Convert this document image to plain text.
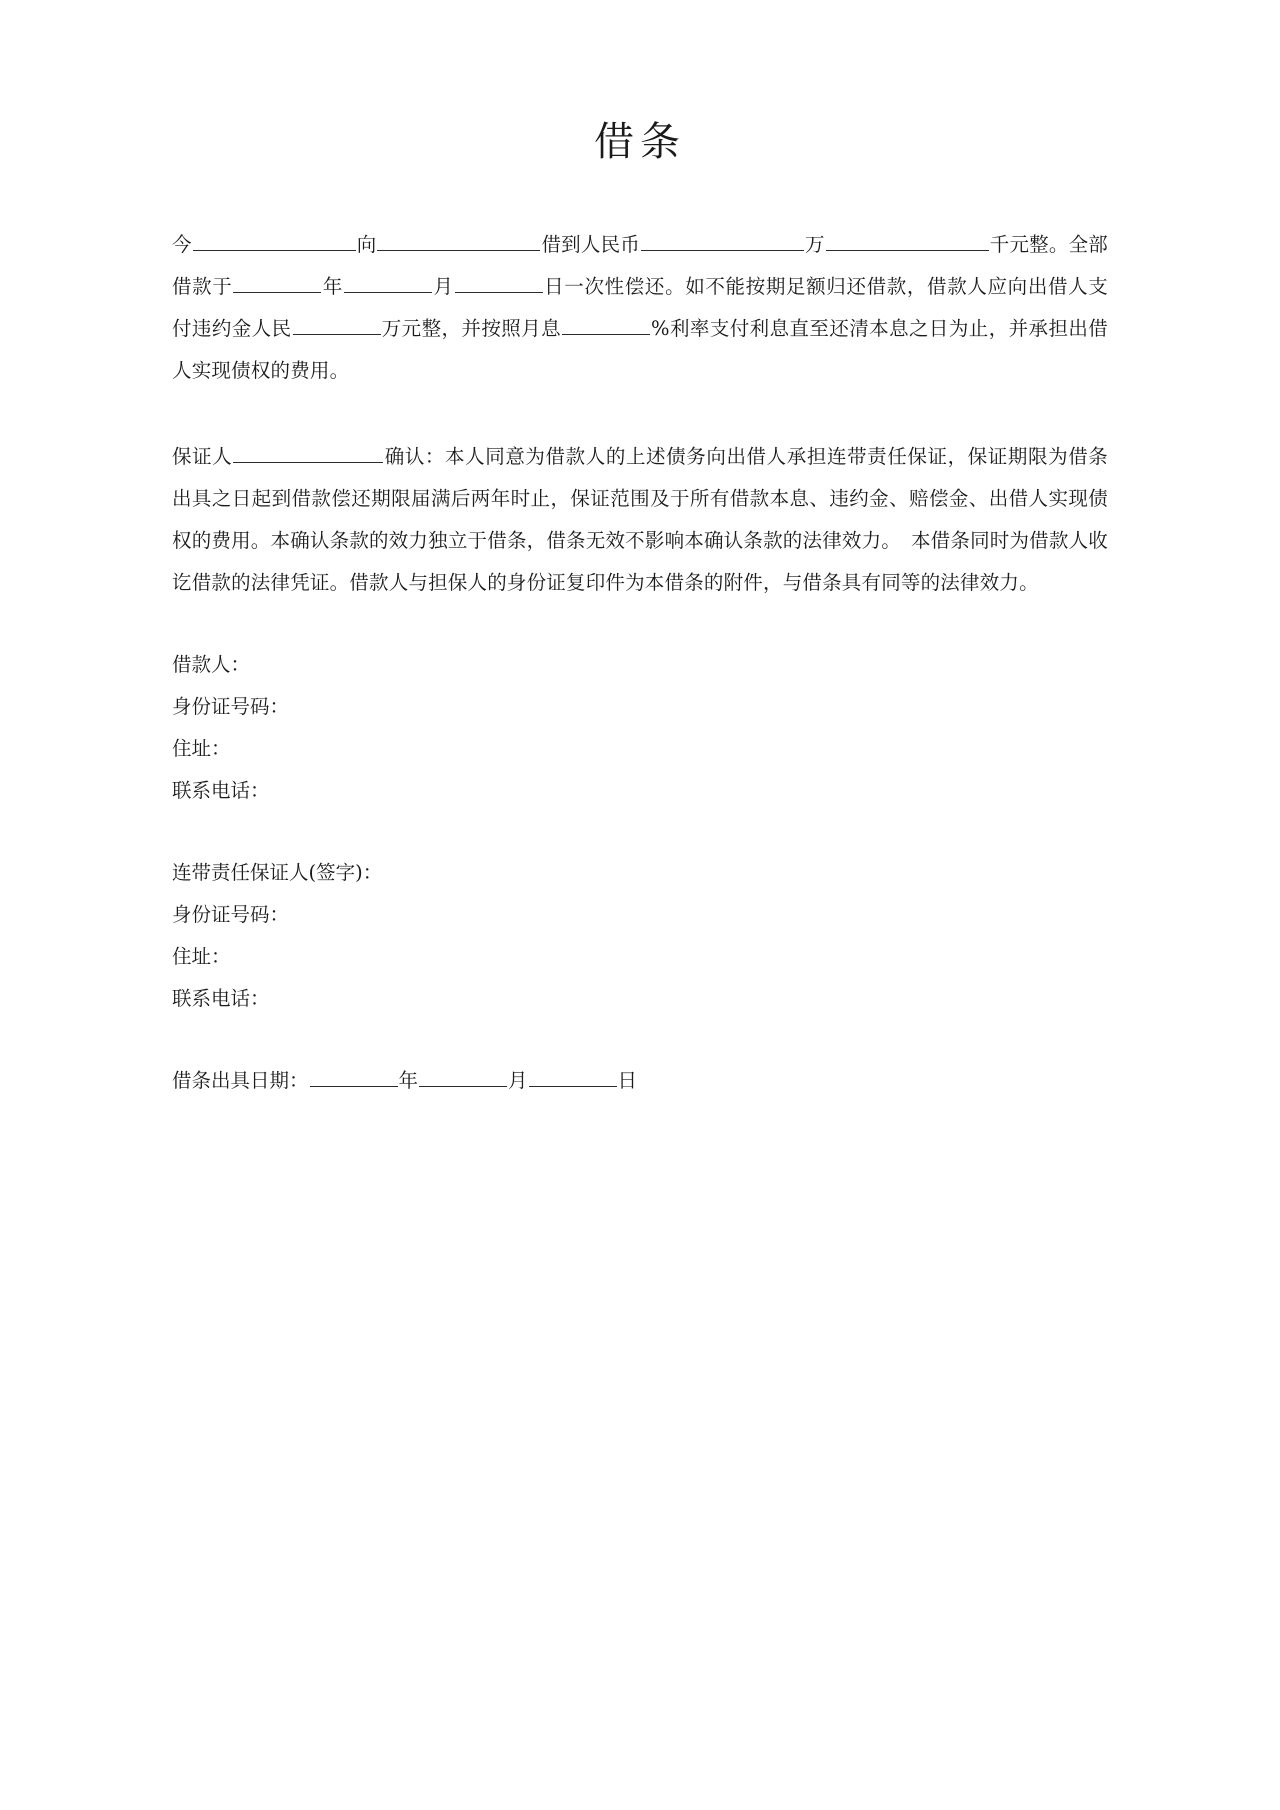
借条

今	向	借到人民币	万	千元整。全部借款于	年	月	日一次性偿还。如不能按期足额归还借款，借款人应向出借人支付违约金人民	万元整，并按照月息	%利率支付利息直至还清本息之日为止，并承担出借人实现债权的费用。

保证人	确认：本人同意为借款人的上述债务向出借人承担连带责任保证，保证期限为借条出具之日起到借款偿还期限届满后两年时止，保证范围及于所有借款本息、违约金、赔偿金、出借人实现债权的费用。本确认条款的效力独立于借条，借条无效不影响本确认条款的法律效力。　本借条同时为借款人收讫借款的法律凭证。借款人与担保人的身份证复印件为本借条的附件，与借条具有同等的法律效力。

借款人：
身份证号码：
住址：
联系电话：
连带责任保证人(签字)：
身份证号码：
住址：
联系电话：
借条出具日期：	年	月	日
